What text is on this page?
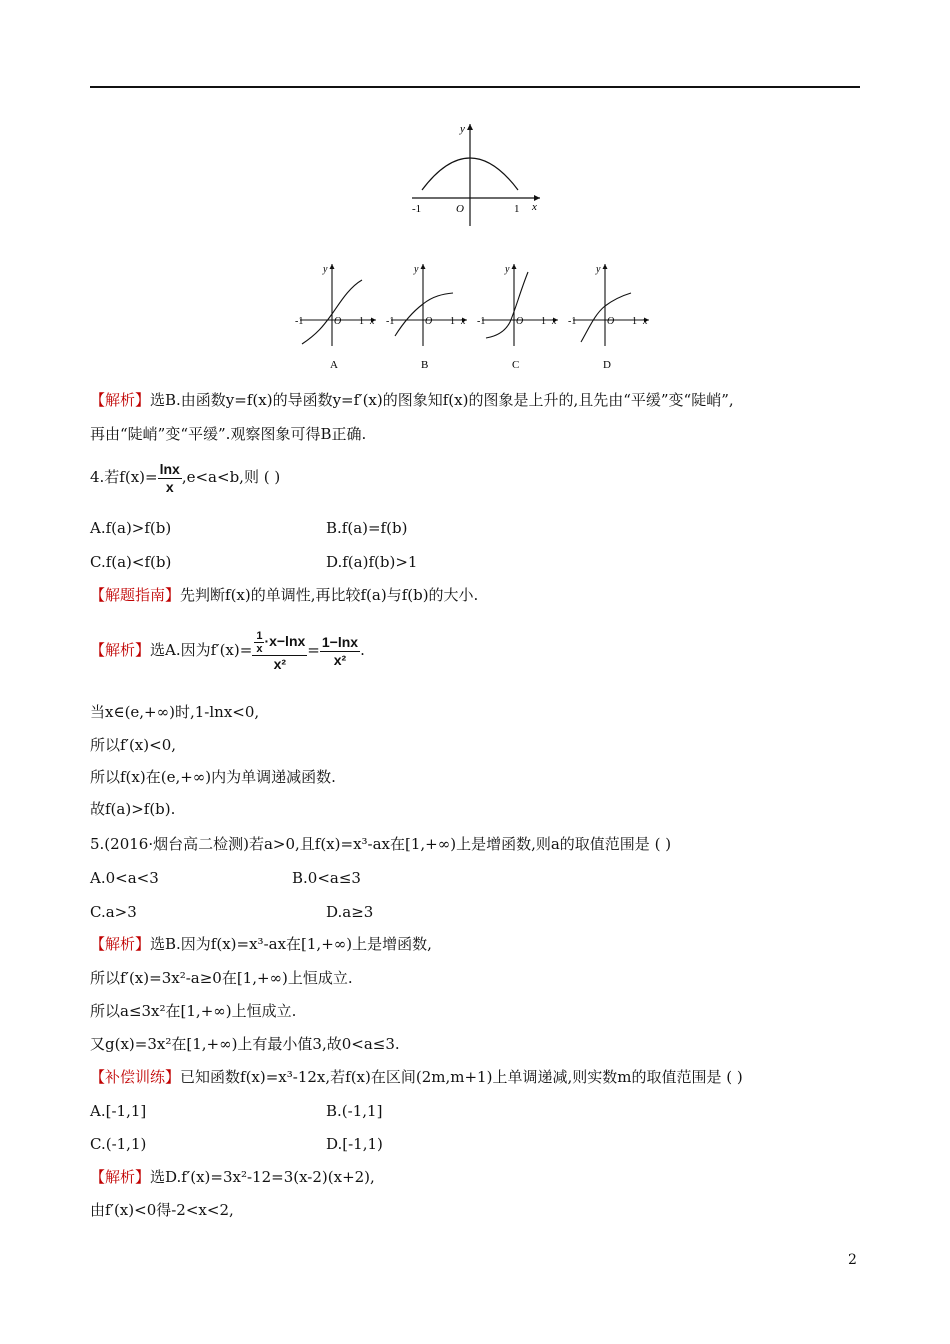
y
x
O
-1	1
y
x
O
-1	1
A
y
x
O
-1	1
B
y
x
O
-1	1
C
y
x
O
-1	1
D
【解析】选B.由函数y=f(x)的导函数y=f′(x)的图象知f(x)的图象是上升的,且先由“平缓”变“陡峭”,
再由“陡峭”变“平缓”.观察图象可得B正确.
4.若$f(x)= \frac{\ln x}{x} ,e<a<b$,则 ( )
A.f(a)>f(b)	B.f(a)=f(b)
C.f(a)<f(b)	D.f(a)f(b)>1
【解题指南】先判断f(x)的单调性,再比较f(a)与f(b)的大小.
【解析】选A.因为$f'(x)= \frac{\frac{1}{x} \cdot x-\ln x}{\text{x²}} = \frac{1-\ln x}{\text{x²}}$ .
当x∈(e,+∞)时,1-lnx<0,
所以f′(x)<0,
所以f(x)在(e,+∞)内为单调递减函数.
故f(a)>f(b).
5.(2016·烟台高二检测)若a>0,且f(x)=x³-ax在[1,+∞)上是增函数,则a的取值范围是 ( )
A.0<a<3	B.0<a≤3
C.a>3	D.a≥3
【解析】选B.因为f(x)=x³-ax在[1,+∞)上是增函数,
所以f′(x)=3x²-a≥0在[1,+∞)上恒成立.
所以a≤3x²在[1,+∞)上恒成立.
又g(x)=3x²在[1,+∞)上有最小值3,故0<a≤3.
【补偿训练】已知函数f(x)=x³-12x,若f(x)在区间(2m,m+1)上单调递减,则实数m的取值范围是 ( )
A.[-1,1]	B.(-1,1]
C.(-1,1)	D.[-1,1)
【解析】选D.f′(x)=3x²-12=3(x-2)(x+2),
由f′(x)<0得-2<x<2,
2
